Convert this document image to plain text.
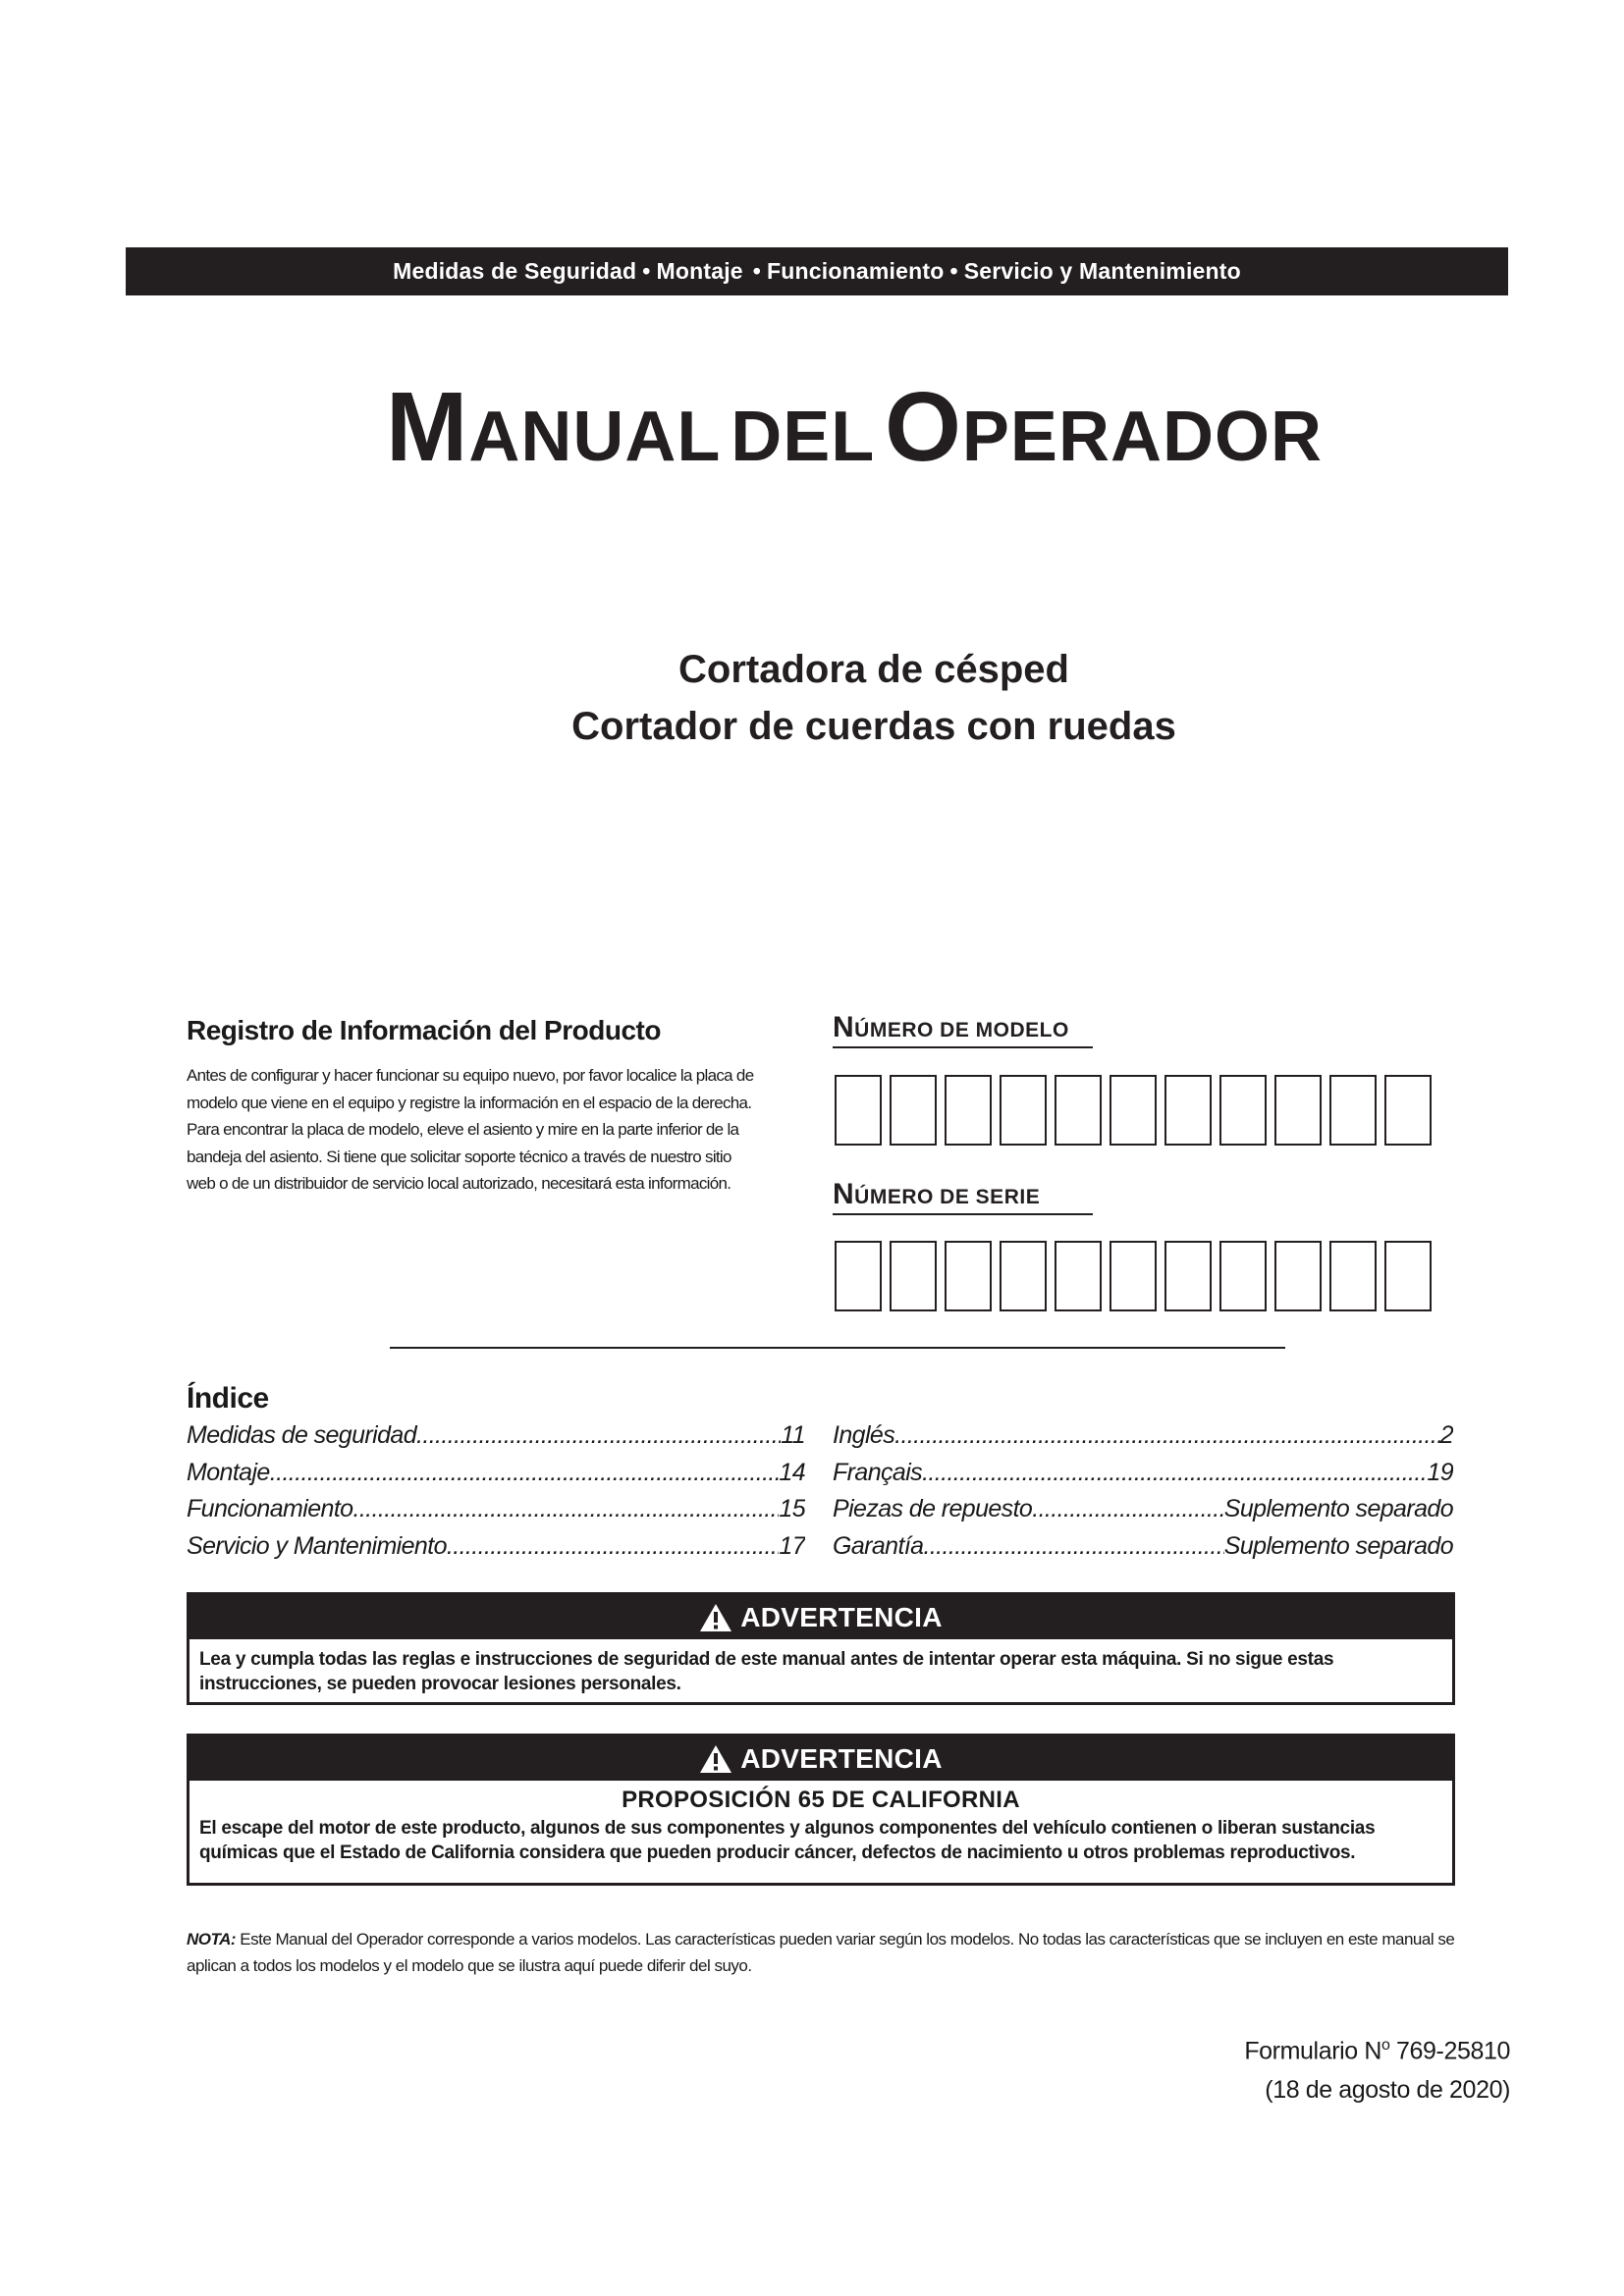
Medidas de Seguridad • Montaje • Funcionamiento • Servicio y Mantenimiento
MANUAL DEL OPERADOR
Cortadora de césped
Cortador de cuerdas con ruedas
Registro de Información del Producto
Antes de configurar y hacer funcionar su equipo nuevo, por favor localice la placa de
modelo que viene en el equipo y registre la información en el espacio de la derecha.
Para encontrar la placa de modelo, eleve el asiento y mire en la parte inferior de la
bandeja del asiento. Si tiene que solicitar soporte técnico a través de nuestro sitio
web o de un distribuidor de servicio local autorizado, necesitará esta información.
NÚMERO DE MODELO
NÚMERO DE SERIE
Índice
Medidas de seguridad .....	11
Montaje .....	14
Funcionamiento .....	15
Servicio y Mantenimiento .....	17
Inglés .....	2
Français .....	19
Piezas de repuesto .....	Suplemento separado
Garantía .....	Suplemento separado
ADVERTENCIA
Lea y cumpla todas las reglas e instrucciones de seguridad de este manual antes de intentar operar esta máquina. Si no sigue estas instrucciones, se pueden provocar lesiones personales.
ADVERTENCIA
PROPOSICIÓN 65 DE CALIFORNIA
El escape del motor de este producto, algunos de sus componentes y algunos componentes del vehículo contienen o liberan sustancias químicas que el Estado de California considera que pueden producir cáncer, defectos de nacimiento u otros problemas reproductivos.
NOTA: Este Manual del Operador corresponde a varios modelos. Las características pueden variar según los modelos. No todas las características que se incluyen en este manual se aplican a todos los modelos y el modelo que se ilustra aquí puede diferir del suyo.
Formulario $N^o$ 769-25810
(18 de agosto de 2020)
